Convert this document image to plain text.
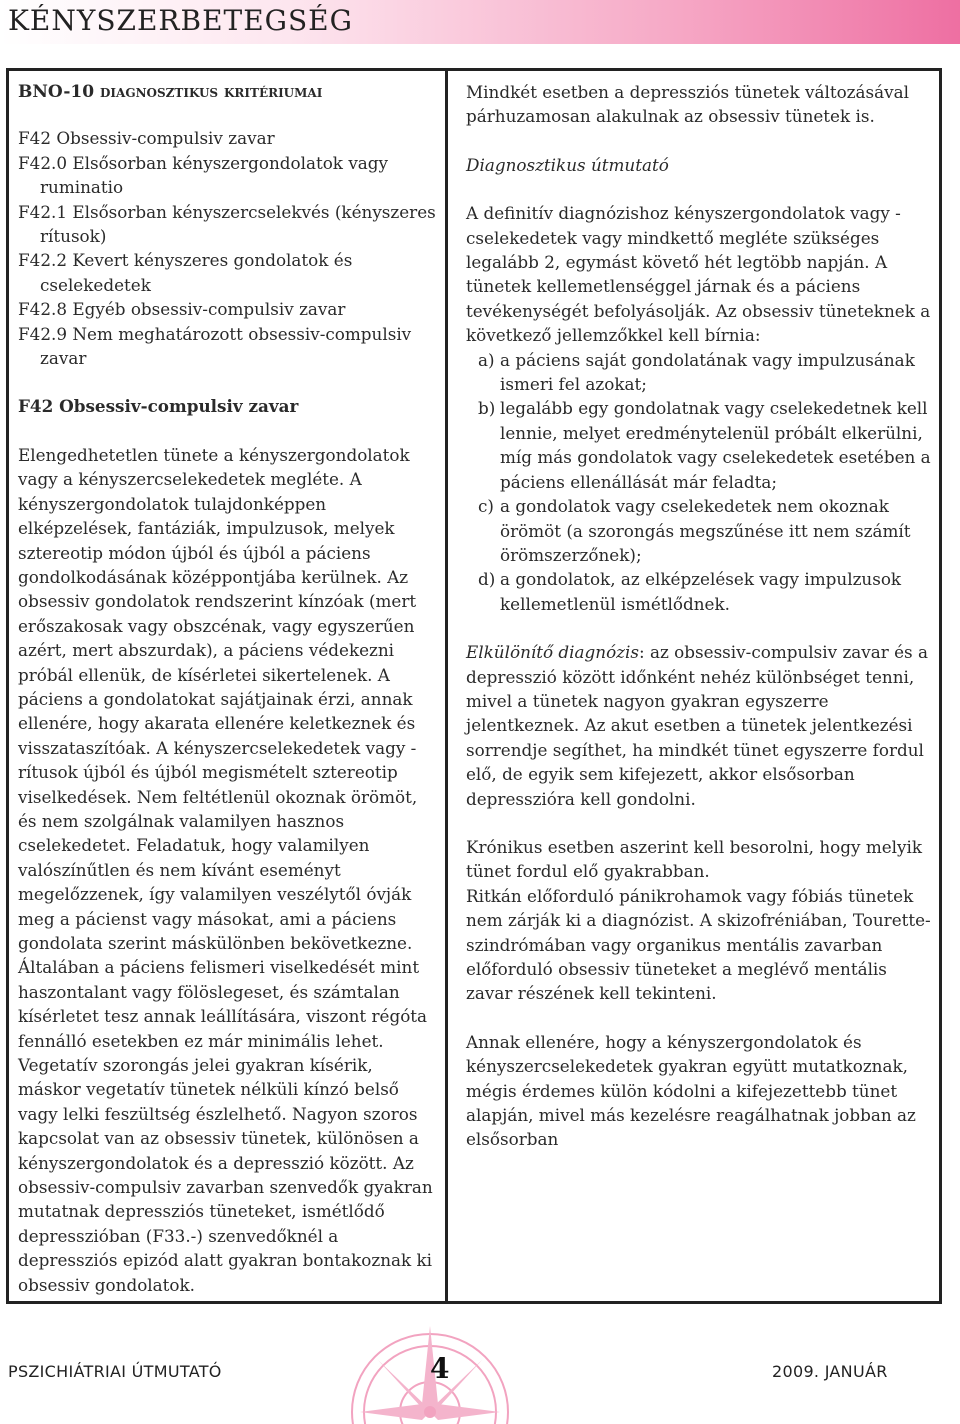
KÉNYSZERBETEGSÉG

BNO-10 diagnosztikus kritériumai

F42 Obsessiv-compulsiv zavar
F42.0 Elsősorban kényszergondolatok vagy ruminatio
F42.1 Elsősorban kényszercselekvés (kényszeres rítusok)
F42.2 Kevert kényszeres gondolatok és cselekedetek
F42.8 Egyéb obsessiv-compulsiv zavar
F42.9 Nem meghatározott obsessiv-compulsiv zavar

F42 Obsessiv-compulsiv zavar

Elengedhetetlen tünete a kényszergondolatok vagy a kényszercselekedetek megléte. A kényszergondolatok tulajdonképpen elképzelések, fantáziák, impulzusok, melyek sztereotip módon újból és újból a páciens gondolkodásának középpontjába kerülnek. Az obsessiv gondolatok rendszerint kínzóak (mert erőszakosak vagy obszcénak, vagy egyszerűen azért, mert abszurdak), a páciens védekezni próbál ellenük, de kísérletei sikertelenek. A páciens a gondolatokat sajátjainak érzi, annak ellenére, hogy akarata ellenére keletkeznek és visszataszítóak. A kényszercselekedetek vagy -rítusok újból és újból megismételt sztereotip viselkedések. Nem feltétlenül okoznak örömöt, és nem szolgálnak valamilyen hasznos cselekedetet. Feladatuk, hogy valamilyen valószínűtlen és nem kívánt eseményt megelőzzenek, így valamilyen veszélytől óvják meg a pácienst vagy másokat, ami a páciens gondolata szerint máskülönben bekövetkezne. Általában a páciens felismeri viselkedését mint haszontalant vagy fölöslegeset, és számtalan kísérletet tesz annak leállítására, viszont régóta fennálló esetekben ez már minimális lehet. Vegetatív szorongás jelei gyakran kísérik, máskor vegetatív tünetek nélküli kínzó belső vagy lelki feszültség észlelhető. Nagyon szoros kapcsolat van az obsessiv tünetek, különösen a kényszergondolatok és a depresszió között. Az obsessiv-compulsiv zavarban szenvedők gyakran mutatnak depressziós tüneteket, ismétlődő depresszióban (F33.-) szenvedőknél a depressziós epizód alatt gyakran bontakoznak ki obsessiv gondolatok.

Mindkét esetben a depressziós tünetek változásával párhuzamosan alakulnak az obsessiv tünetek is.

Diagnosztikus útmutató

A definitív diagnózishoz kényszergondolatok vagy -cselekedetek vagy mindkettő megléte szükséges legalább 2, egymást követő hét legtöbb napján. A tünetek kellemetlenséggel járnak és a páciens tevékenységét befolyásolják. Az obsessiv tüneteknek a következő jellemzőkkel kell bírnia:

a) a páciens saját gondolatának vagy impulzusának ismeri fel azokat;
b) legalább egy gondolatnak vagy cselekedetnek kell lennie, melyet eredménytelenül próbált elkerülni, míg más gondolatok vagy cselekedetek esetében a páciens ellenállását már feladta;
c) a gondolatok vagy cselekedetek nem okoznak örömöt (a szorongás megszűnése itt nem számít örömszerzőnek);
d) a gondolatok, az elképzelések vagy impulzusok kellemetlenül ismétlődnek.

Elkülönítő diagnózis: az obsessiv-compulsiv zavar és a depresszió között időnként nehéz különbséget tenni, mivel a tünetek nagyon gyakran egyszerre jelentkeznek. Az akut esetben a tünetek jelentkezési sorrendje segíthet, ha mindkét tünet egyszerre fordul elő, de egyik sem kifejezett, akkor elsősorban depresszióra kell gondolni.

Krónikus esetben aszerint kell besorolni, hogy melyik tünet fordul elő gyakrabban.

Ritkán előforduló pánikrohamok vagy fóbiás tünetek nem zárják ki a diagnózist. A skizofréniában, Tourette-szindrómában vagy organikus mentális zavarban előforduló obsessiv tüneteket a meglévő mentális zavar részének kell tekinteni.

Annak ellenére, hogy a kényszergondolatok és kényszercselekedetek gyakran együtt mutatkoznak, mégis érdemes külön kódolni a kifejezettebb tünet alapján, mivel más kezelésre reagálhatnak jobban az elsősorban

PSZICHIÁTRIAI ÚTMUTATÓ	4	2009. JANUÁR
